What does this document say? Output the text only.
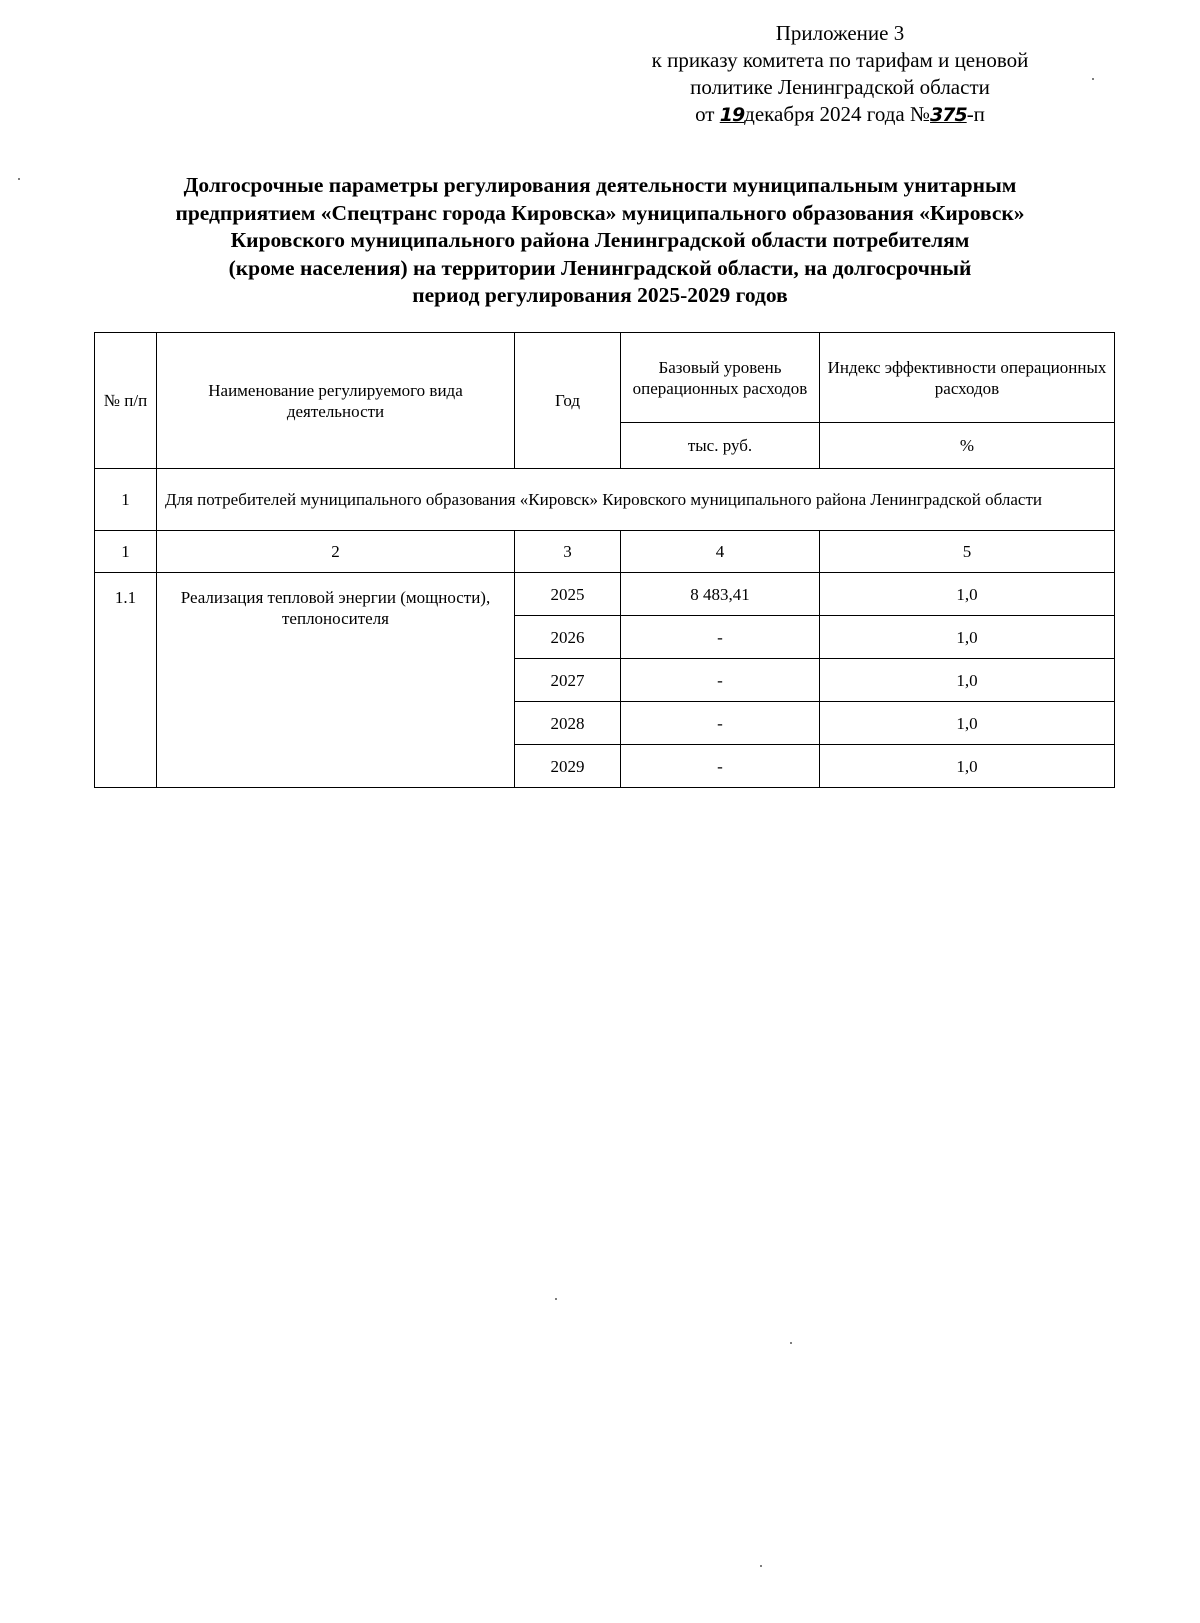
Приложение 3
к приказу комитета по тарифам и ценовой
политике Ленинградской области
от 19декабря 2024 года №375-п
Долгосрочные параметры регулирования деятельности муниципальным унитарным
предприятием «Спецтранс города Кировска» муниципального образования «Кировск»
Кировского муниципального района Ленинградской области потребителям
(кроме населения) на территории Ленинградской области, на долгосрочный
период регулирования 2025-2029 годов
№ п/п	Наименование регулируемого вида деятельности	Год	Базовый уровень операционных расходов	Индекс эффективности операционных расходов
			тыс. руб.	%
1	Для потребителей муниципального образования «Кировск» Кировского муниципального района Ленинградской области			
1	2	3	4	5
1.1	Реализация тепловой энергии (мощности), теплоносителя	2025	8 483,41	1,0
		2026	-	1,0
		2027	-	1,0
		2028	-	1,0
		2029	-	1,0
